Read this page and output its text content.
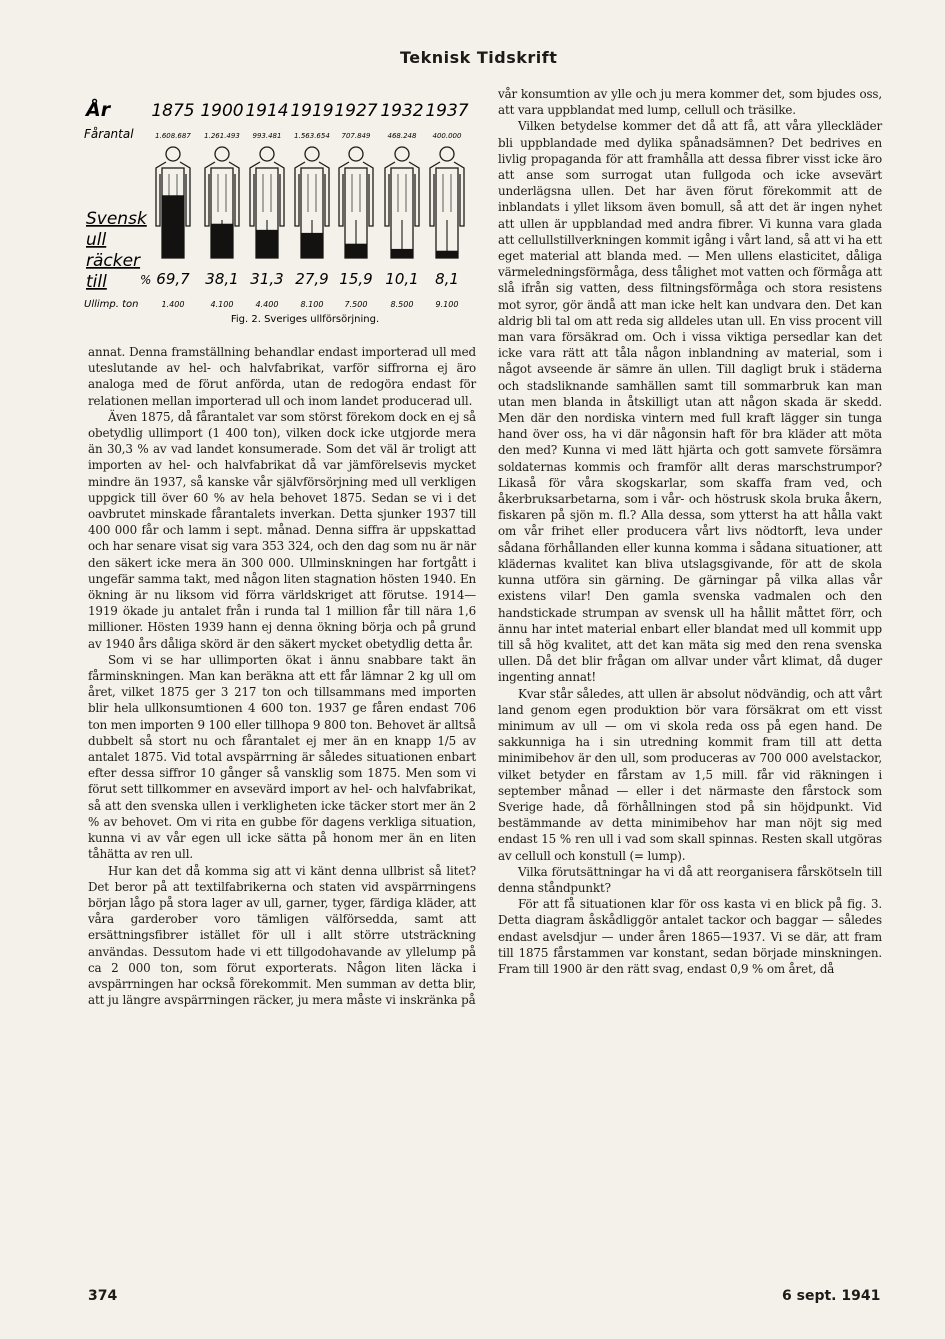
Teknisk Tidskrift
År
Fårantal
Svensk
ull
räcker
till	%
Ullimp. ton
1875
1.608.687
69,7
1.400
1900
1.261.493
38,1
4.100
1914
993.481
31,3
4.400
1919
1.563.654
27,9
8.100
1927
707.849
15,9
7.500
1932
468.248
10,1
8.500
1937
400.000
8,1
9.100
Fig. 2. Sveriges ullförsörjning.

annat. Denna framställning behandlar endast importerad ull med uteslutande av hel- och halvfabrikat, varför siffrorna ej äro analoga med de förut anförda, utan de redogöra endast för relationen mellan importerad ull och inom landet producerad ull.

Även 1875, då fårantalet var som störst förekom dock en ej så obetydlig ullimport (1 400 ton), vilken dock icke utgjorde mera än 30,3 % av vad landet konsumerade. Som det väl är troligt att importen av hel- och halvfabrikat då var jämförelsevis mycket mindre än 1937, så kanske vår självförsörjning med ull verkligen uppgick till över 60 % av hela behovet 1875. Sedan se vi i det oavbrutet minskade fårantalets inverkan. Detta sjunker 1937 till 400 000 får och lamm i sept. månad. Denna siffra är uppskattad och har senare visat sig vara 353 324, och den dag som nu är när den säkert icke mera än 300 000. Ullminskningen har fortgått i ungefär samma takt, med någon liten stagnation hösten 1940. En ökning är nu liksom vid förra världskriget att förutse. 1914—1919 ökade ju antalet från i runda tal 1 million får till nära 1,6 millioner. Hösten 1939 hann ej denna ökning börja och på grund av 1940 års dåliga skörd är den säkert mycket obetydlig detta år.

Som vi se har ullimporten ökat i ännu snabbare takt än fårminskningen. Man kan beräkna att ett får lämnar 2 kg ull om året, vilket 1875 ger 3 217 ton och tillsammans med importen blir hela ullkonsumtionen 4 600 ton. 1937 ge fåren endast 706 ton men importen 9 100 eller tillhopa 9 800 ton. Behovet är alltså dubbelt så stort nu och fårantalet ej mer än en knapp 1/5 av antalet 1875. Vid total avspärrning är således situationen enbart efter dessa siffror 10 gånger så vansklig som 1875. Men som vi förut sett tillkommer en avsevärd import av hel- och halvfabrikat, så att den svenska ullen i verkligheten icke täcker stort mer än 2 % av behovet. Om vi rita en gubbe för dagens verkliga situation, kunna vi av vår egen ull icke sätta på honom mer än en liten tåhätta av ren ull.

Hur kan det då komma sig att vi känt denna ullbrist så litet? Det beror på att textilfabrikerna och staten vid avspärrningens början lågo på stora lager av ull, garner, tyger, färdiga kläder, att våra garderober voro tämligen välförsedda, samt att ersättningsfibrer istället för ull i allt större utsträckning användas. Dessutom hade vi ett tillgodohavande av yllelump på ca 2 000 ton, som förut exporterats. Någon liten läcka i avspärrningen har också förekommit. Men summan av detta blir, att ju längre avspärrningen räcker, ju mera måste vi inskränka på

vår konsumtion av ylle och ju mera kommer det, som bjudes oss, att vara uppblandat med lump, cellull och träsilke.

Vilken betydelse kommer det då att få, att våra ylleckläder bli uppblandade med dylika spånadsämnen? Det bedrives en livlig propaganda för att framhålla att dessa fibrer visst icke äro att anse som surrogat utan fullgoda och icke avsevärt underlägsna ullen. Det har även förut förekommit att de inblandats i yllet liksom även bomull, så att det är ingen nyhet att ullen är uppblandad med andra fibrer. Vi kunna vara glada att cellullstillverkningen kommit igång i vårt land, så att vi ha ett eget material att blanda med. — Men ullens elasticitet, dåliga värmeledningsförmåga, dess tålighet mot vatten och förmåga att slå ifrån sig vatten, dess filtningsförmåga och stora resistens mot syror, gör ändå att man icke helt kan undvara den. Det kan aldrig bli tal om att reda sig alldeles utan ull. En viss procent vill man vara försäkrad om. Och i vissa viktiga persedlar kan det icke vara rätt att tåla någon inblandning av material, som i något avseende är sämre än ullen. Till dagligt bruk i städerna och stadsliknande samhällen samt till sommarbruk kan man utan men blanda in åtskilligt utan att någon skada är skedd. Men där den nordiska vintern med full kraft lägger sin tunga hand över oss, ha vi där någonsin haft för bra kläder att möta den med? Kunna vi med lätt hjärta och gott samvete försämra soldaternas kommis och framför allt deras marschstrumpor? Likaså för våra skogskarlar, som skaffa fram ved, och åkerbruksarbetarna, som i vår- och höstrusk skola bruka åkern, fiskaren på sjön m. fl.? Alla dessa, som ytterst ha att hålla vakt om vår frihet eller producera vårt livs nödtorft, leva under sådana förhållanden eller kunna komma i sådana situationer, att klädernas kvalitet kan bliva utslagsgivande, för att de skola kunna utföra sin gärning. De gärningar på vilka allas vår existens vilar! Den gamla svenska vadmalen och den handstickade strumpan av svensk ull ha hållit måttet förr, och ännu har intet material enbart eller blandat med ull kommit upp till så hög kvalitet, att det kan mäta sig med den rena svenska ullen. Då det blir frågan om allvar under vårt klimat, då duger ingenting annat!

Kvar står således, att ullen är absolut nödvändig, och att vårt land genom egen produktion bör vara försäkrat om ett visst minimum av ull — om vi skola reda oss på egen hand. De sakkunniga ha i sin utredning kommit fram till att detta minimibehov är den ull, som produceras av 700 000 avelstackor, vilket betyder en fårstam av 1,5 mill. får vid räkningen i september månad — eller i det närmaste den fårstock som Sverige hade, då förhållningen stod på sin höjdpunkt. Vid bestämmande av detta minimibehov har man nöjt sig med endast 15 % ren ull i vad som skall spinnas. Resten skall utgöras av cellull och konstull (= lump).

Vilka förutsättningar ha vi då att reorganisera fårskötseln till denna ståndpunkt?

För att få situationen klar för oss kasta vi en blick på fig. 3. Detta diagram åskådliggör antalet tackor och baggar — således endast avelsdjur — under åren 1865—1937. Vi se där, att fram till 1875 fårstammen var konstant, sedan började minskningen. Fram till 1900 är den rätt svag, endast 0,9 % om året, då

374	6 sept. 1941
